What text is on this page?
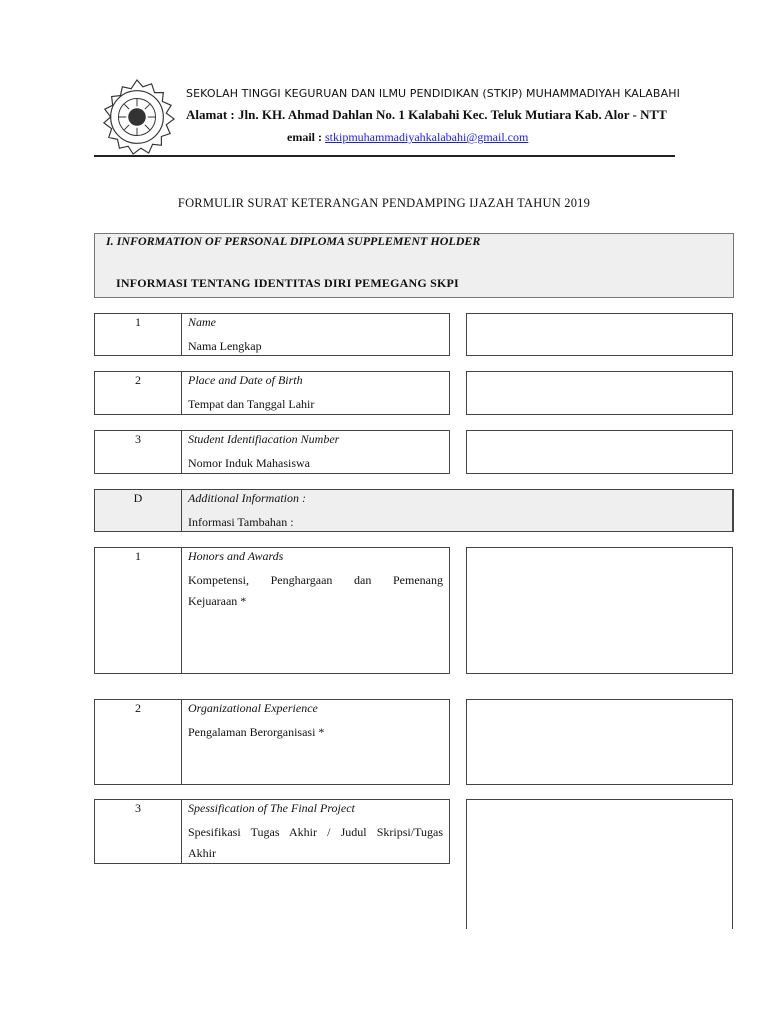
SEKOLAH TINGGI KEGURUAN DAN ILMU PENDIDIKAN (STKIP) MUHAMMADIYAH KALABAHI
Alamat : Jln. KH. Ahmad Dahlan No. 1 Kalabahi Kec. Teluk Mutiara Kab. Alor - NTT
email : stkipmuhammadiyahkalabahi@gmail.com
FORMULIR SURAT KETERANGAN PENDAMPING IJAZAH TAHUN 2019
I. INFORMATION OF PERSONAL DIPLOMA SUPPLEMENT HOLDER
INFORMASI TENTANG IDENTITAS DIRI PEMEGANG SKPI
1	Name
Nama Lengkap
2	Place and Date of Birth
Tempat dan Tanggal Lahir
3	Student Identifiacation Number
Nomor Induk Mahasiswa
D	Additional Information :
Informasi Tambahan :
1	Honors and Awards
Kompetensi, Penghargaan dan Pemenang
Kejuaraan *
2	Organizational Experience
Pengalaman Berorganisasi *
3	Spessification of The Final Project
Spesifikasi Tugas Akhir / Judul Skripsi/Tugas
Akhir
